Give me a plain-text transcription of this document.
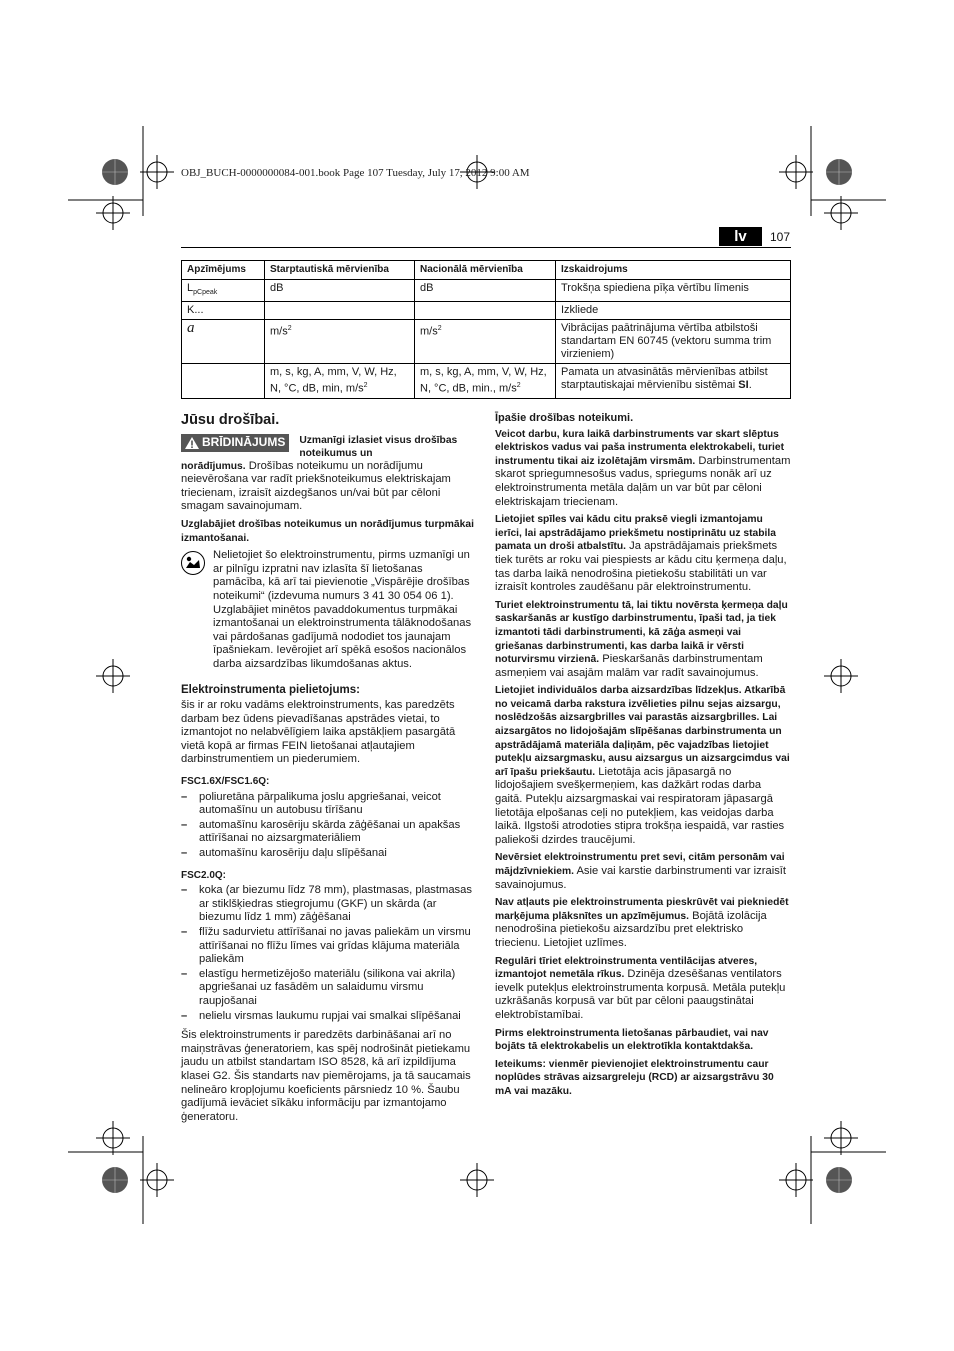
OBJ_BUCH-0000000084-001.book Page 107 Tuesday, July 17, 2012 9:00 AM
lv	107
Apzīmējums	Starptautiskā mērvienība	Nacionālā mērvienība	Izskaidrojums
$L_{pCpeak}$	dB	dB	Trokšņa spiediena pīķa vērtību līmenis
K...			Izkliede
a	$m/s^2$	$m/s^2$	Vibrācijas paātrinājuma vērtība atbilstoši standartam EN 60745 (vektoru summa trim virzieniem)
	m, s, kg, A, mm, V, W, Hz, N, °C, dB, min, $m/s^2$	m, s, kg, A, mm, V, W, Hz, N, °C, dB, min., $m/s^2$	Pamata un atvasinātās mērvienības atbilst starptautiskajai mērvienību sistēmai SI.
Jūsu drošībai.
BRĪDINĀJUMS Uzmanīgi izlasiet visus drošības noteikumus un

norādījumus. Drošības noteikumu un norādījumu neievērošana var radīt priekšnoteikumus elektriskajam triecienam, izraisīt aizdegšanos un/vai būt par cēloni smagam savainojumam.

Uzglabājiet drošības noteikumus un norādījumus turpmākai izmantošanai.

Nelietojiet šo elektroinstrumentu, pirms uzmanīgi un ar pilnīgu izpratni nav izlasīta šī lietošanas pamācība, kā arī tai pievienotie „Vispārējie drošības noteikumi“ (izdevuma numurs 3 41 30 054 06 1). Uzglabājiet minētos pavaddokumentus turpmākai izmantošanai un elektroinstrumenta tālāknodošanas vai pārdošanas gadījumā nododiet tos jaunajam īpašniekam. Ievērojiet arī spēkā esošos nacionālos darba aizsardzības likumdošanas aktus.

Elektroinstrumenta pielietojums:

šis ir ar roku vadāms elektroinstruments, kas paredzēts darbam bez ūdens pievadīšanas apstrādes vietai, to izmantojot no nelabvēlīgiem laika apstākļiem pasargātā vietā kopā ar firmas FEIN lietošanai atļautajiem darbinstrumentiem un piederumiem.

FSC1.6X/FSC1.6Q:
– poliuretāna pārpalikuma joslu apgriešanai, veicot automašīnu un autobusu tīrīšanu
– automašīnu karosēriju skārda zāģēšanai un apakšas attīrīšanai no aizsargmateriāliem
– automašīnu karosēriju daļu slīpēšanai
FSC2.0Q:
– koka (ar biezumu līdz 78 mm), plastmasas, plastmasas ar stiklšķiedras stiegrojumu (GKF) un skārda (ar biezumu līdz 1 mm) zāģēšanai
– flīžu sadurvietu attīrīšanai no javas paliekām un virsmu attīrīšanai no flīžu līmes vai grīdas klājuma materiāla paliekām
– elastīgu hermetizējošo materiālu (silikona vai akrila) apgriešanai uz fasādēm un salaidumu virsmu raupjošanai
– nelielu virsmas laukumu rupjai vai smalkai slīpēšanai

Šis elektroinstruments ir paredzēts darbināšanai arī no maiņstrāvas ģeneratoriem, kas spēj nodrošināt pietiekamu jaudu un atbilst standartam ISO 8528, kā arī izpildījuma klasei G2. Šis standarts nav piemērojams, ja tā saucamais nelineāro kropļojumu koeficients pārsniedz 10 %. Šaubu gadījumā ievāciet sīkāku informāciju par izmantojamo ģeneratoru.

Īpašie drošības noteikumi.

Veicot darbu, kura laikā darbinstruments var skart slēptus elektriskos vadus vai paša instrumenta elektrokabeli, turiet instrumentu tikai aiz izolētajām virsmām. Darbinstrumentam skarot spriegumnesošus vadus, spriegums nonāk arī uz elektroinstrumenta metāla daļām un var būt par cēloni elektriskajam triecienam.

Lietojiet spīles vai kādu citu praksē viegli izmantojamu ierīci, lai apstrādājamo priekšmetu nostiprinātu uz stabila pamata un droši atbalstītu. Ja apstrādājamais priekšmets tiek turēts ar roku vai piespiests ar kādu citu ķermeņa daļu, tas darba laikā nenodrošina pietiekošu stabilitāti un var izraisīt kontroles zaudēšanu pār elektroinstrumentu.

Turiet elektroinstrumentu tā, lai tiktu novērsta ķermeņa daļu saskaršanās ar kustīgo darbinstrumentu, īpaši tad, ja tiek izmantoti tādi darbinstrumenti, kā zāģa asmeņi vai griešanas darbinstrumenti, kas darba laikā ir vērsti noturvirsmu virzienā. Pieskaršanās darbinstrumentam asmeņiem vai asajām malām var radīt savainojumus.

Lietojiet individuālos darba aizsardzības līdzekļus. Atkarībā no veicamā darba rakstura izvēlieties pilnu sejas aizsargu, noslēdzošās aizsargbrilles vai parastās aizsargbrilles. Lai aizsargātos no lidojošajām slīpēšanas darbinstrumenta un apstrādājamā materiāla daļiņām, pēc vajadzības lietojiet putekļu aizsargmasku, ausu aizsargus un aizsargcimdus vai arī īpašu priekšautu. Lietotāja acis jāpasargā no lidojošajiem svešķermeņiem, kas dažkārt rodas darba gaitā. Putekļu aizsargmaskai vai respiratoram jāpasargā lietotāja elpošanas ceļi no putekļiem, kas veidojas darba laikā. Ilgstoši atrodoties stipra trokšņa iespaidā, var rasties paliekoši dzirdes traucējumi.

Nevērsiet elektroinstrumentu pret sevi, citām personām vai mājdzīvniekiem. Asie vai karstie darbinstrumenti var izraisīt savainojumus.

Nav atļauts pie elektroinstrumenta pieskrūvēt vai piekniedēt marķējuma plāksnītes un apzīmējumus. Bojātā izolācija nenodrošina pietiekošu aizsardzību pret elektrisko triecienu. Lietojiet uzlīmes.

Regulāri tīriet elektroinstrumenta ventilācijas atveres, izmantojot nemetāla rīkus. Dzinēja dzesēšanas ventilators ievelk putekļus elektroinstrumenta korpusā. Metāla putekļu uzkrāšanās korpusā var būt par cēloni paaugstinātai elektrobīstamībai.

Pirms elektroinstrumenta lietošanas pārbaudiet, vai nav bojāts tā elektrokabelis un elektrotīkla kontaktdakša.

Ieteikums: vienmēr pievienojiet elektroinstrumentu caur noplūdes strāvas aizsargreleju (RCD) ar aizsargstrāvu 30 mA vai mazāku.
